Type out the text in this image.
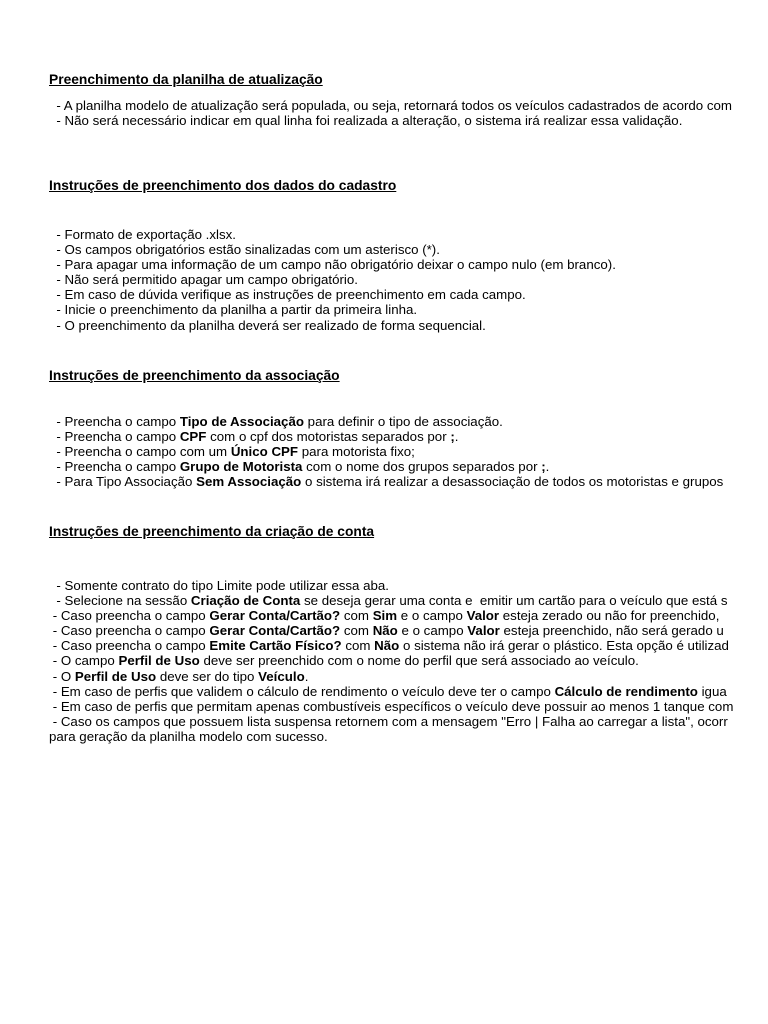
Preenchimento da planilha de atualização
- A planilha modelo de atualização será populada, ou seja, retornará todos os veículos cadastrados de acordo com
- Não será necessário indicar em qual linha foi realizada a alteração, o sistema irá realizar essa validação.
Instruções de preenchimento dos dados do cadastro
- Formato de exportação .xlsx.
- Os campos obrigatórios estão sinalizadas com um asterisco (*).
- Para apagar uma informação de um campo não obrigatório deixar o campo nulo (em branco).
- Não será permitido apagar um campo obrigatório.
- Em caso de dúvida verifique as instruções de preenchimento em cada campo.
- Inicie o preenchimento da planilha a partir da primeira linha.
- O preenchimento da planilha deverá ser realizado de forma sequencial.
Instruções de preenchimento da associação
- Preencha o campo Tipo de Associação para definir o tipo de associação.
- Preencha o campo CPF com o cpf dos motoristas separados por ;.
- Preencha o campo com um Único CPF para motorista fixo;
- Preencha o campo Grupo de Motorista com o nome dos grupos separados por ;.
- Para Tipo Associação Sem Associação o sistema irá realizar a desassociação de todos os motoristas e grupos
Instruções de preenchimento da criação de conta
- Somente contrato do tipo Limite pode utilizar essa aba.
- Selecione na sessão Criação de Conta se deseja gerar uma conta e  emitir um cartão para o veículo que está s
- Caso preencha o campo Gerar Conta/Cartão? com Sim e o campo Valor esteja zerado ou não for preenchido,
- Caso preencha o campo Gerar Conta/Cartão? com Não e o campo Valor esteja preenchido, não será gerado u
- Caso preencha o campo Emite Cartão Físico? com Não o sistema não irá gerar o plástico. Esta opção é utilizad
- O campo Perfil de Uso deve ser preenchido com o nome do perfil que será associado ao veículo.
- O Perfil de Uso deve ser do tipo Veículo.
- Em caso de perfis que validem o cálculo de rendimento o veículo deve ter o campo Cálculo de rendimento igua
- Em caso de perfis que permitam apenas combustíveis específicos o veículo deve possuir ao menos 1 tanque com
- Caso os campos que possuem lista suspensa retornem com a mensagem "Erro | Falha ao carregar a lista", ocorr
para geração da planilha modelo com sucesso.
